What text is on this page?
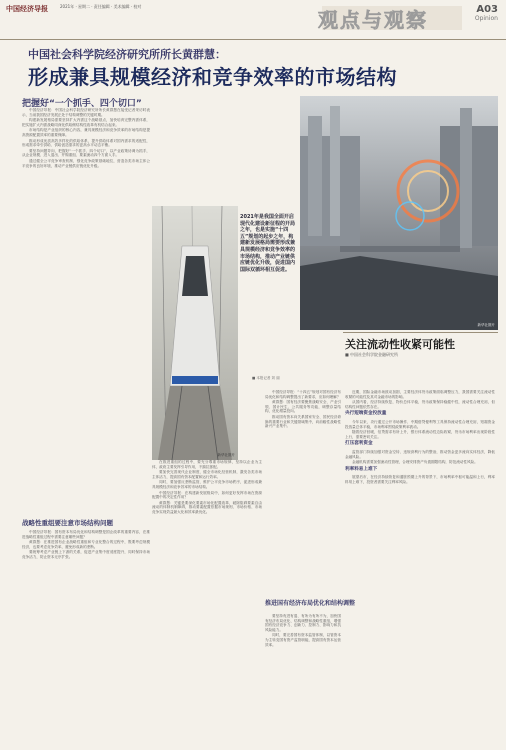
中国经济导报	2021年 · 星期二 · 责任编辑 · 美术编辑 · 校对
观点与观察	A03
Opinion
中国社会科学院经济研究所所长黄群慧：
形成兼具规模经济和竞争效率的市场结构
把握好“一个抓手、四个切口”

中国经济导报：中国社会科学院经济研究所所长黄群慧在接受记者采访时表示，当前我国经济发展正处于结构调整的关键时期。

构建新发展格局需要坚持扩大内需这个战略基点，加快培育完整内需体系，把实施扩大内需战略同深化供给侧结构性改革有机结合起来。

市场结构是产业组织的核心内容，兼具规模经济和竞争效率的市场结构是提高资源配置效率的重要保障。

推动形成优质高效多样化的供给体系，提升供给体系对国内需求的适配性，形成需求牵引供给、供给创造需求的更高水平动态平衡。

要坚持问题导向，把握好“一个抓手、四个切口”，以产业政策协调为抓手，从企业规模、进入退出、并购重组、要素流动四个方面入手。

通过健全公平竞争审查机制，强化竞争政策基础地位，营造各类市场主体公平竞争的良好环境，推动产业链供应链优化升级。

战略性重组要注意市场结构问题

中国经济导报：国有资本布局优化和结构调整是国企改革的重要内容，在推进战略性重组过程中需要注意哪些问题？

黄群慧：在推进国有企业战略性重组和专业化整合的过程中，既要考虑规模经济，也要考虑竞争效率，避免形成新的垄断。

要统筹考虑产业链上下游的关系，促进产业集中度适度提升，同时保持市场竞争活力，防止资本无序扩张。

新华社图片
2021年是我国全面开启现代化建设新征程的开局之年，也是实施“十四五”规划的起步之年，构建新发展格局需要形成兼具规模经济和竞争效率的市场结构，推动产业链供应链优化升级，促进国内国际双循环相互促进。
■ 本报记者 刘 丽
新华社图片

在推进重组的过程中，要充分尊重市场规律，坚持以企业为主体，政府主要发挥引导作用，不搞拉郎配。

要加快完善现代企业制度，健全市场化经营机制，激发各类市场主体活力，提高国有资本配置和运行效率。

同时，要加强反垄断监管，维护公平竞争市场秩序，促进形成兼具规模经济和竞争效率的市场结构。

中国经济导报：在构建新发展格局中，如何更好发挥市场在资源配置中的决定性作用？

黄群慧：关键是要深化要素市场化配置改革，破除阻碍要素自由流动的体制机制障碍，推动要素配置依据市场规则、市场价格、市场竞争实现效益最大化和效率最优化。

中国经济导报：“十四五”规划对国有经济布局优化和结构调整提出了新要求，应如何理解？

黄群慧：国有经济要聚焦战略安全、产业引领、国计民生、公共服务等功能，调整存量结构，优化增量投向。

推动国有资本向关系国家安全、国民经济命脉的重要行业和关键领域集中，向前瞻性战略性新兴产业集中。

推进国有经济布局优化和结构调整

要坚持有进有退、有所为有所不为，加快国有经济布局优化、结构调整和战略性重组，增强国有经济竞争力、创新力、控制力、影响力和抗风险能力。

同时，要完善国有资本监管体制，以管资本为主转变国有资产监管职能，提高国有资本运营效率。

关注流动性收紧可能性
■ 中国社会科学院金融研究所

近期，国际金融市场波动加剧，主要经济体货币政策面临调整压力，我国需要关注流动性收紧的可能性及其对金融市场的影响。

从国内看，经济持续恢复，物价总体平稳，货币政策保持稳健中性，流动性合理充裕，但结构性问题依然存在。

央行短端资金投放量

今年以来，央行通过公开市场操作、中期借贷便利等工具保持流动性合理充裕，短端资金投放量总体平稳，市场利率围绕政策利率波动。

随着经济回暖，信贷需求有所上升，银行体系流动性边际收紧，货币市场利率出现阶段性上行，需要密切关注。

打压套利资金

监管部门持续加强对资金空转、违规套利行为的整治，推动资金更多流向实体经济，降低金融风险。

金融机构需要加强流动性管理，合理安排资产负债期限结构，防范流动性风险。

利率料易上难下

展望后市，在经济持续恢复和通胀预期上升的背景下，市场利率中枢可能温和上行，利率料易上难下，投资者需要关注利率风险。
